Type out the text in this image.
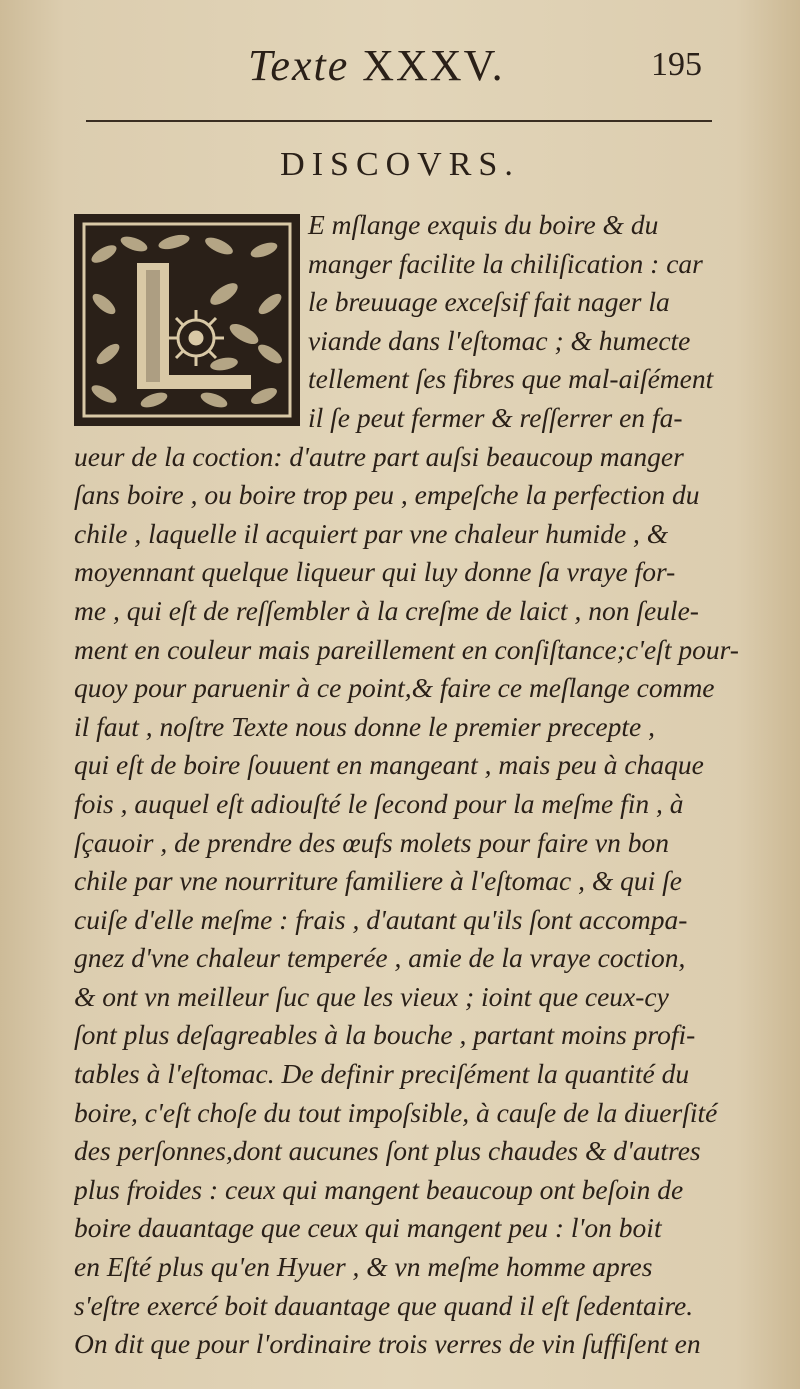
Texte XXXV.	195
DISCOVRS.
E mſlange exquis du boire & du
manger facilite la chiliſication : car
le breuuage exceſsif fait nager la
viande dans l'eſtomac ; & humecte
tellement ſes fibres que mal-aiſément
il ſe peut fermer & reſſerrer en fa-
ueur de la coction: d'autre part auſsi beaucoup manger
ſans boire , ou boire trop peu , empeſche la perfection du
chile , laquelle il acquiert par vne chaleur humide , &
moyennant quelque liqueur qui luy donne ſa vraye for-
me , qui eſt de reſſembler à la creſme de laict , non ſeule-
ment en couleur mais pareillement en conſiſtance;c'eſt pour-
quoy pour paruenir à ce point,& faire ce meſlange comme
il faut , noſtre Texte nous donne le premier precepte ,
qui eſt de boire ſouuent en mangeant , mais peu à chaque
fois , auquel eſt adiouſté le ſecond pour la meſme fin , à
ſçauoir , de prendre des œufs molets pour faire vn bon
chile par vne nourriture familiere à l'eſtomac , & qui ſe
cuiſe d'elle meſme : frais , d'autant qu'ils ſont accompa-
gnez d'vne chaleur temperée , amie de la vraye coction,
& ont vn meilleur ſuc que les vieux ; ioint que ceux-cy
ſont plus deſagreables à la bouche , partant moins profi-
tables à l'eſtomac. De definir preciſément la quantité du
boire, c'eſt choſe du tout impoſsible, à cauſe de la diuerſité
des perſonnes,dont aucunes ſont plus chaudes & d'autres
plus froides : ceux qui mangent beaucoup ont beſoin de
boire dauantage que ceux qui mangent peu : l'on boit
en Eſté plus qu'en Hyuer , & vn meſme homme apres
s'eſtre exercé boit dauantage que quand il eſt ſedentaire.
On dit que pour l'ordinaire trois verres de vin ſuffiſent en
